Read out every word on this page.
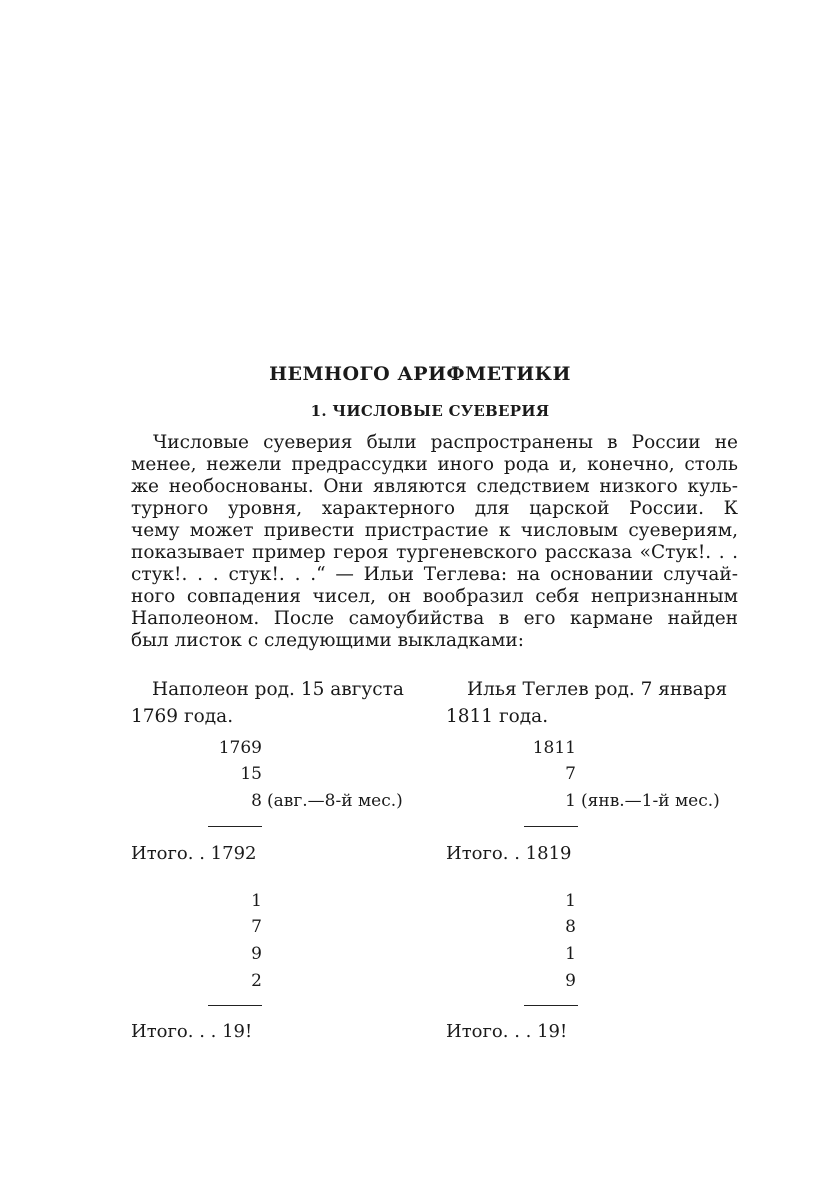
НЕМНОГО АРИФМЕТИКИ
1. ЧИСЛОВЫЕ СУЕВЕРИЯ
Числовые суеверия были распространены в России не
менее, нежели предрассудки иного рода и, конечно, столь
же необоснованы. Они являются следствием низкого куль-
турного уровня, характерного для царской России. К
чему может привести пристрастие к числовым суевериям,
показывает пример героя тургеневского рассказа «Стук!. . .
стук!. . . стук!. . .“ — Ильи Теглева: на основании случай-
ного совпадения чисел, он вообразил себя непризнанным
Наполеоном. После самоубийства в его кармане найден
был листок с следующими выкладками:
Наполеон род. 15 августа
1769 года.
1769
15
8 (авг.—8-й мес.)
Итого. . 1792
1
7
9
2
Итого. . . 19!
Илья Теглев род. 7 января
1811 года.
1811
7
1 (янв.—1-й мес.)
Итого. . 1819
1
8
1
9
Итого. . . 19!
